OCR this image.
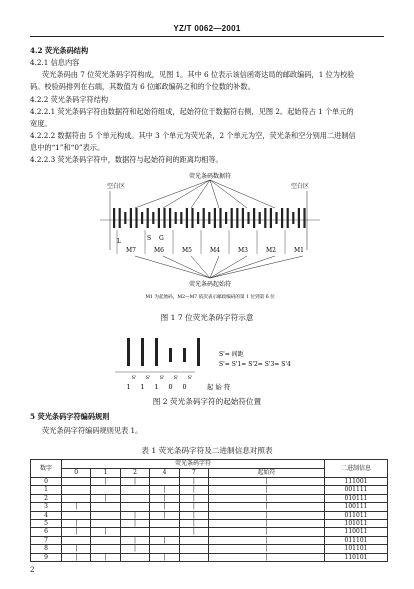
YZ/T 0062—2001
4.2 荧光条码结构
4.2.1 信息内容
荧光条码由 7 位荧光条码字符构成，见图 1。其中 6 位表示该信函寄达局的邮政编码，1 位为校验
码。校验码排列在右端，其数值为 6 位邮政编码之和的个位数的补数。
4.2.2 荧光条码字符结构
4.2.2.1 荧光条码字符由数据符和起始符组成，起始符位于数据符右侧，见图 2。起始符占 1 个单元的
宽度。
4.2.2.2 数据符由 5 个单元构成。其中 3 个单元为荧光条，2 个单元为空，荧光条和空分别用二进制信
息中的“1”和“0”表示。
4.2.2.3 荧光条码字符中，数据符与起始符间的距离均相等。
荧光条码数据符
空白区	空白区
L	S G
M7	M6	M5	M4	M3	M2	M1
荧光条码起始符
M1 为起始码，M2—M7 依次表示邮政编码的第 1 位到第 6 位
图 1 7 位荧光条码字符示意
S' S' S' S' S'
1 1 1 0 0	起 始 符
S'= 间距
S'= S'1= S'2= S'3= S'4
图 2 荧光条码字符的起始符位置
5 荧光条码字符编码规则
荧光条码字符编码规则见表 1。
表 1 荧光条码字符及二进制信息对照表
数字	荧光条码字符						二进制信息
	0	1	2	4	7	起始符	
0		|	|		|	|	111001
1				|	|	|	001111
2		|		|	|	|	010111
3	|			|	|	|	100111
4			|	|	|	|	011011
5	|		|		|	|	101011
6	|	|			|	|	110011
7			|	|		|	011101
8	|		|			|	101101
9	|	|		|		|	110101
2
